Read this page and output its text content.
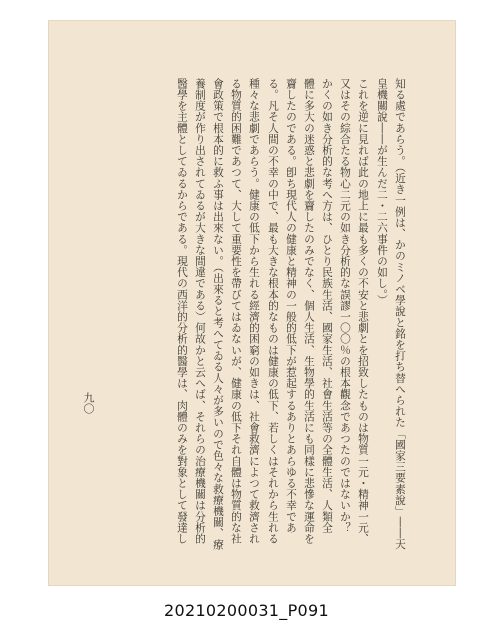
知る處であらう。（近き一例は、かのミノベ學說と銘を打ち替へられた「國家三要素說」――天
皇機關說――が生んだ二・二六事件の如し。）
これを逆に見れば此の地上に最も多くの不安と悲劇とを招致したものは物質一元・精神一元、
又はその綜合たる物心二元の如き分析的な誤謬一〇〇％の根本觀念であつたのではないか？
かくの如き分析的な考へ方は、ひとり民族生活、國家生活、社會生活等の全體生活、人類全
體に多大の迷惑と悲劇を齎したのみでなく、個人生活、生物學的生活にも同樣に悲慘な運命を
齎したのである。卽ち現代人の健康と精神の一般的低下が惹起するありとあらゆる不幸であ
る。凡そ人間の不幸の中で、最も大きな根本的なものは健康の低下、若しくはそれから生れる
種々な悲劇であらう。健康の低下から生れる經濟的困窮の如きは、社會救濟によつて救濟され
る物質的困難であつて、大して重要性を帶びてはゐないが、健康の低下それ自體は物質的な社
會政策で根本的に救ふ事は出來ない。（出來ると考へてゐる人々が多いので色々な救療機關、療
養制度が作り出されてゐるが大きな間違である）何故かと云へば、それらの治療機關は分析的
醫學を主體としてゐるからである。現代の西洋的分析的醫學は、肉體のみを對象として發達し
九〇
20210200031_P091
